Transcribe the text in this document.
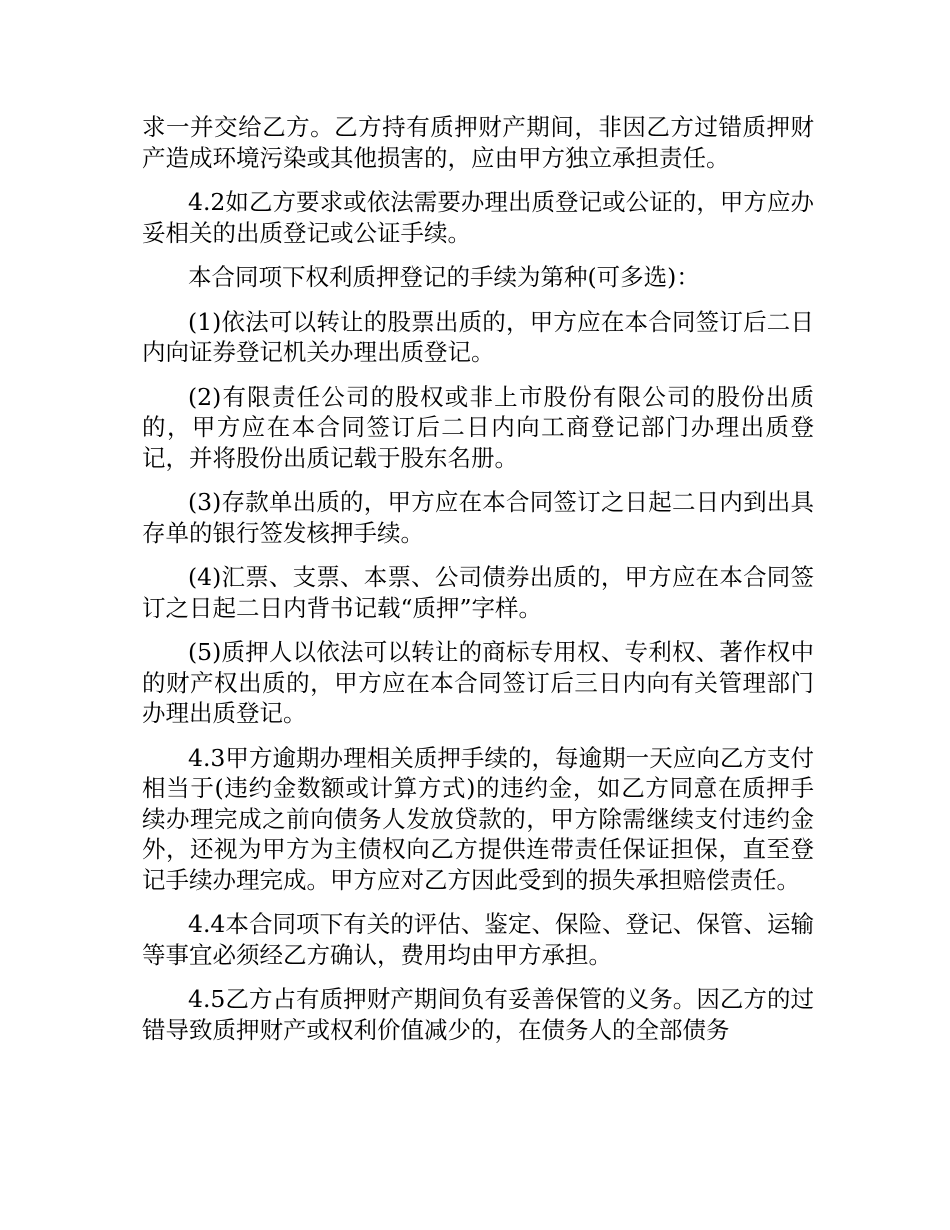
求一并交给乙方。乙方持有质押财产期间，非因乙方过错质押财产造成环境污染或其他损害的，应由甲方独立承担责任。

4.2如乙方要求或依法需要办理出质登记或公证的，甲方应办妥相关的出质登记或公证手续。

本合同项下权利质押登记的手续为第种(可多选)：

(1)依法可以转让的股票出质的，甲方应在本合同签订后二日内向证券登记机关办理出质登记。

(2)有限责任公司的股权或非上市股份有限公司的股份出质的，甲方应在本合同签订后二日内向工商登记部门办理出质登记，并将股份出质记载于股东名册。

(3)存款单出质的，甲方应在本合同签订之日起二日内到出具存单的银行签发核押手续。

(4)汇票、支票、本票、公司债券出质的，甲方应在本合同签订之日起二日内背书记载“质押”字样。

(5)质押人以依法可以转让的商标专用权、专利权、著作权中的财产权出质的，甲方应在本合同签订后三日内向有关管理部门办理出质登记。

4.3甲方逾期办理相关质押手续的，每逾期一天应向乙方支付相当于(违约金数额或计算方式)的违约金，如乙方同意在质押手续办理完成之前向债务人发放贷款的，甲方除需继续支付违约金外，还视为甲方为主债权向乙方提供连带责任保证担保，直至登记手续办理完成。甲方应对乙方因此受到的损失承担赔偿责任。

4.4本合同项下有关的评估、鉴定、保险、登记、保管、运输等事宜必须经乙方确认，费用均由甲方承担。

4.5乙方占有质押财产期间负有妥善保管的义务。因乙方的过错导致质押财产或权利价值减少的，在债务人的全部债务
